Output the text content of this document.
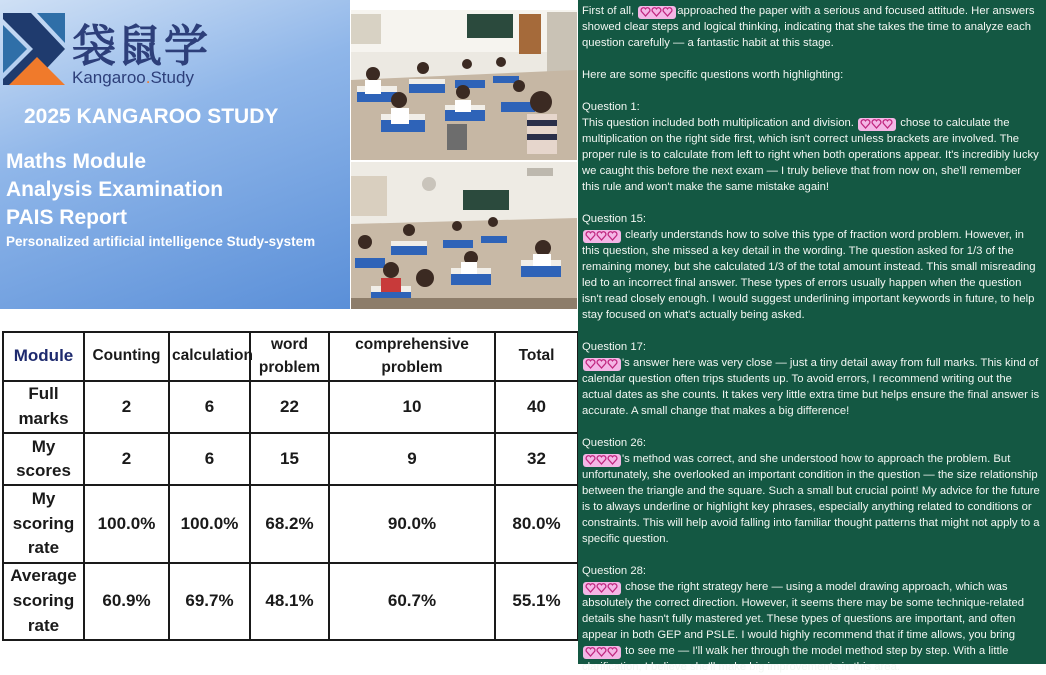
袋鼠学
Kangaroo.Study
2025 KANGAROO STUDY
Maths Module
Analysis Examination
PAIS Report
Personalized artificial intelligence Study-system
Module	Counting	calculation	word problem	comprehensive problem	Total
Full marks	2	6	22	10	40
My scores	2	6	15	9	32
My scoring rate	100.0%	100.0%	68.2%	90.0%	80.0%
Average scoring rate	60.9%	69.7%	48.1%	60.7%	55.1%

First of all,	approached the paper with a serious and focused attitude. Her answers showed clear steps and logical thinking, indicating that she takes the time to analyze each question carefully — a fantastic habit at this stage.

Here are some specific questions worth highlighting:

Question 1:
This question included both multiplication and division.	chose to calculate the multiplication on the right side first, which isn't correct unless brackets are involved. The proper rule is to calculate from left to right when both operations appear. It's incredibly lucky we caught this before the next exam — I truly believe that from now on, she'll remember this rule and won't make the same mistake again!

Question 15:
clearly understands how to solve this type of fraction word problem. However, in this question, she missed a key detail in the wording. The question asked for 1/3 of the remaining money, but she calculated 1/3 of the total amount instead. This small misreading led to an incorrect final answer. These types of errors usually happen when the question isn't read closely enough. I would suggest underlining important keywords in future, to help stay focused on what's actually being asked.

Question 17:
's answer here was very close — just a tiny detail away from full marks. This kind of calendar question often trips students up. To avoid errors, I recommend writing out the actual dates as she counts. It takes very little extra time but helps ensure the final answer is accurate. A small change that makes a big difference!

Question 26:
's method was correct, and she understood how to approach the problem. But unfortunately, she overlooked an important condition in the question — the size relationship between the triangle and the square. Such a small but crucial point! My advice for the future is to always underline or highlight key phrases, especially anything related to conditions or constraints. This will help avoid falling into familiar thought patterns that might not apply to a specific question.

Question 28:
chose the right strategy here — using a model drawing approach, which was absolutely the correct direction. However, it seems there may be some technique-related details she hasn't fully mastered yet. These types of questions are important, and often appear in both GEP and PSLE. I would highly recommend that if time allows, you bring  to see me — I'll walk her through the model method step by step. With a little clarification, I believe she'll make big improvements in this area.
